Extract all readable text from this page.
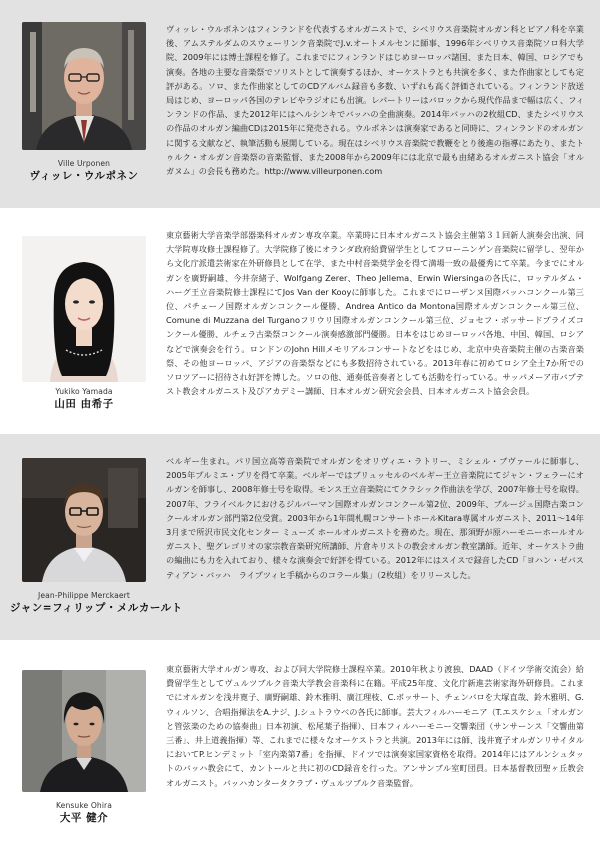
Ville Urponen
ヴィッレ・ウルポネン

ヴィッレ・ウルポネンはフィンランドを代表するオルガニストで、シベリウス音楽院オルガン科とピアノ科を卒業後、アムステルダムのスウェーリンク音楽院でJ.v.オートメルセンに師事、1996年シベリウス音楽院ソロ科大学院、2009年には博士課程を修了。これまでにフィンランドはじめヨーロッパ諸国、また日本、韓国、ロシアでも演奏。各地の主要な音楽祭でソリストとして演奏するほか、オーケストラとも共演を多く、また作曲家としても定評がある。ソロ、また作曲家としてのCDアルバム録音も多数、いずれも高く評価されている。フィンランド放送局はじめ、ヨーロッパ各国のテレビやラジオにも出演。レパートリーはバロックから現代作品まで幅は広く、フィンランドの作品、また2012年にはヘルシンキでバッハの全曲演奏。2014年バッハの2枚組CD、またシベリウスの作品のオルガン編曲CDは2015年に発売される。ウルポネンは演奏家であると同時に、フィンランドのオルガンに関する文献など、執筆活動も展開している。現在はシベリウス音楽院で教鞭をとり後進の指導にあたり、またトゥルク・オルガン音楽祭の音楽監督、また2008年から2009年には北京で最も由緒あるオルガニスト協会「オルガヌム」の会長も務めた。http://www.villeurponen.com

Yukiko Yamada
山田 由希子

東京藝術大学音楽学部器楽科オルガン専攻卒業。卒業時に日本オルガニスト協会主催第３１回新人演奏会出演、同大学院専攻修士課程修了。大学院修了後にオランダ政府給費留学生としてフローニンゲン音楽院に留学し、翌年から文化庁派遣芸術家在外研修員として在学、また中村音楽奨学金を得て満場一致の最優秀にて卒業。今までにオルガンを廣野嗣雄、今井奈緒子、Wolfgang Zerer、Theo Jellema、Erwin Wiersingaの各氏に、ロッテルダム・ハーグ王立音楽院修士課程にてJos Van der Kooyに師事した。これまでにローザンヌ国際バッハコンクール第三位、パチェーノ国際オルガンコンクール優勝、Andrea Antico da Montona国際オルガンコンクール第三位、Comune di Muzzana del Turganoフリウリ国際オルガンコンクール第三位、ジョセフ・ボッサードプライズコンクール優勝、ルチェラ古楽祭コンクール演奏感激部門優勝。日本をはじめヨーロッパ各地、中国、韓国、ロシアなどで演奏会を行う。ロンドンのJohn Hillメモリアルコンサートなどをはじめ、北京中央音楽院主催の古楽音楽祭、その他ヨーロッパ、アジアの音楽祭などにも多数招待されている。2013年春に初めてロシア全土7か所でのソロツアーに招待され好評を博した。ソロの他、通奏低音奏者としても活動を行っている。サッパメーア市バプテスト教会オルガニスト及びアカデミー講師、日本オルガン研究会会員、日本オルガニスト協会会員。

Jean-Philippe Merckaert
ジャン=フィリップ・メルカールト

ベルギー生まれ。パリ国立高等音楽院でオルガンをオリヴィエ・ラトリー、ミシェル・ブヴァールに師事し、2005年プルミエ・プリを得て卒業。ベルギーではブリュッセルのベルギー王立音楽院にてジャン・フェラーにオルガンを師事し、2008年修士号を取得。モンス王立音楽院にてクラシック作曲法を学び、2007年修士号を取得。2007年、フライベルクにおけるジルバーマン国際オルガンコンクール第2位、2009年、ブルージュ国際古楽コンクールオルガン部門第2位受賞。2003年から1年間札幌コンサートホールKitara専属オルガニスト、2011～14年3月まで所沢市民文化センター ミューズ ホールオルガニストを務めた。現在、那須野が原ハーモニーホールオルガニスト、聖グレゴリオの家宗教音楽研究所講師、片倉キリストの教会オルガン教室講師。近年、オーケストラ曲の編曲にも力を入れており、様々な演奏会で好評を得ている。2012年にはスイスで録音したCD「ヨハン・ゼバスティアン・バッハ　ライプツィヒ手稿からのコラール集」（2枚組）をリリースした。

Kensuke Ohira
大平 健介

東京藝術大学オルガン専攻、および同大学院修士課程卒業。2010年秋より渡独、DAAD（ドイツ学術交流会）給費留学生としてヴュルツブルク音楽大学教会音楽科に在籍。平成25年度、文化庁新進芸術家海外研修員。これまでにオルガンを浅井寛子、廣野嗣雄、鈴木雅明、廣江理枝、C.ボッサート、チェンバロを大塚直哉、鈴木雅明、G.ウィルソン、合唱指揮法をA.ナジ、J.シュトラウベの各氏に師事。芸大フィルハーモニア（T.エスケシュ「オルガンと管弦楽のための協奏曲」日本初演、松尾葉子指揮）、日本フィルハーモニー交響楽団（サンサーンス「交響曲第三番」、井上道義指揮）等、これまでに様々なオーケストラと共演。2013年には師、浅井寛子オルガンリサイタルにおいてP.ヒンデミット「室内楽第7番」を指揮、ドイツでは演奏家国家資格を取得。2014年にはアルンシュタットのバッハ教会にて、カントールと共に初のCD録音を行った。アンサンブル室町団員。日本基督教団聖ヶ丘教会オルガニスト。バッハカンタータクラブ・ヴュルツブルク音楽監督。
